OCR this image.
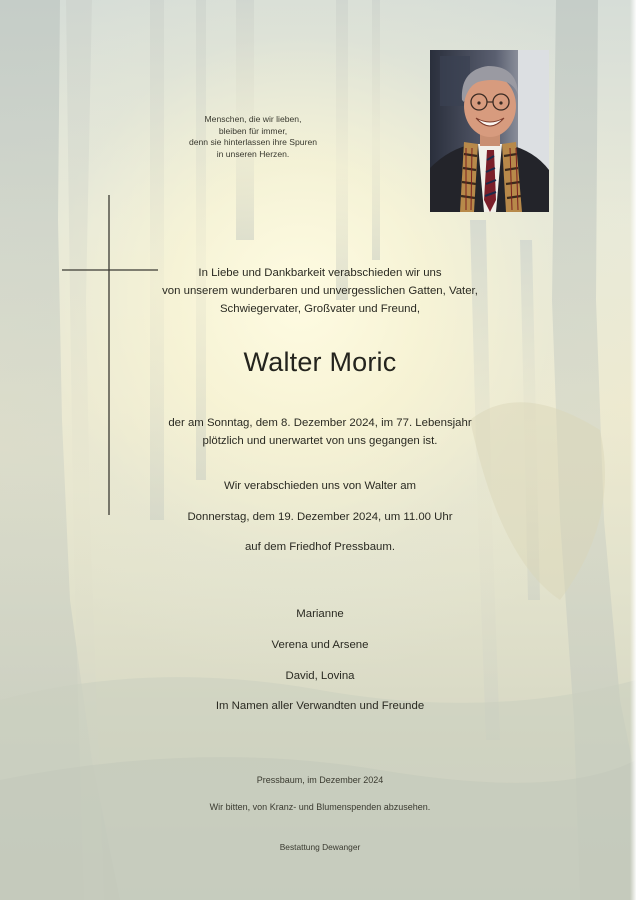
Menschen, die wir lieben,
bleiben für immer,
denn sie hinterlassen ihre Spuren
in unseren Herzen.
In Liebe und Dankbarkeit verabschieden wir uns
von unserem wunderbaren und unvergesslichen Gatten, Vater,
Schwiegervater, Großvater und Freund,
Walter Moric
der am Sonntag, dem 8. Dezember 2024, im 77. Lebensjahr
plötzlich und unerwartet von uns gegangen ist.
Wir verabschieden uns von Walter am
Donnerstag, dem 19. Dezember 2024, um 11.00 Uhr
auf dem Friedhof Pressbaum.
Marianne
Verena und Arsene
David, Lovina
Im Namen aller Verwandten und Freunde
Pressbaum, im Dezember 2024
Wir bitten, von Kranz- und Blumenspenden abzusehen.
Bestattung Dewanger
